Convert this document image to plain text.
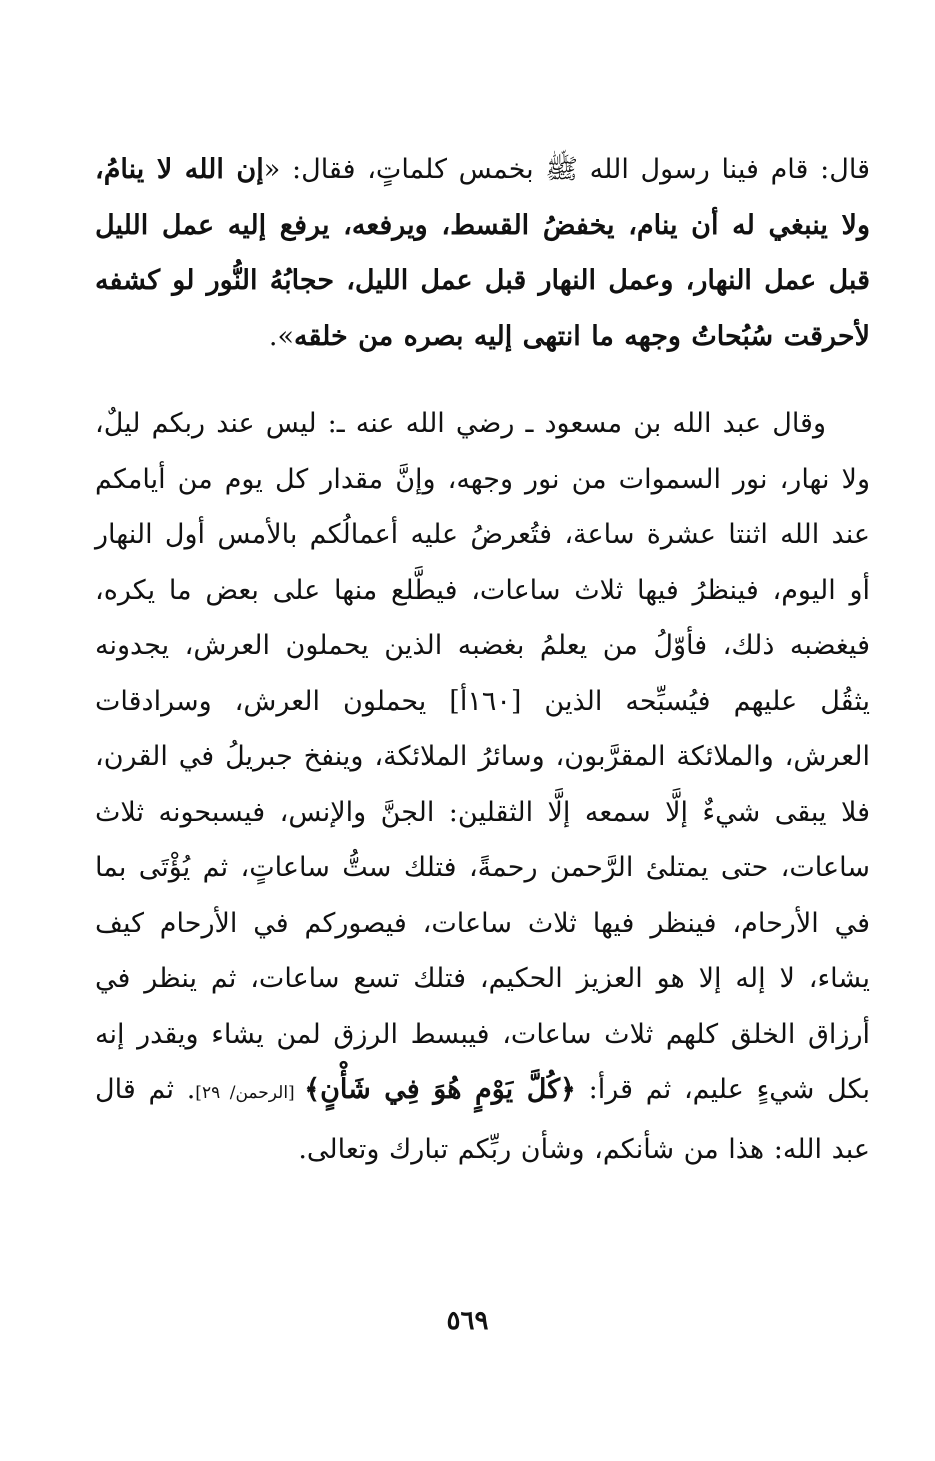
قال: قام فينا رسول الله ﷺ بخمس كلماتٍ، فقال: «إن الله لا ينامُ، ولا ينبغي له أن ينام، يخفضُ القسط، ويرفعه، يرفع إليه عمل الليل قبل عمل النهار، وعمل النهار قبل عمل الليل، حجابُهُ النُّور لو كشفه لأحرقت سُبُحاتُ وجهه ما انتهى إليه بصره من خلقه».

وقال عبد الله بن مسعود ـ رضي الله عنه ـ: ليس عند ربكم ليلٌ، ولا نهار، نور السموات من نور وجهه، وإنَّ مقدار كل يوم من أيامكم عند الله اثنتا عشرة ساعة، فتُعرضُ عليه أعمالُكم بالأمس أول النهار أو اليوم، فينظرُ فيها ثلاث ساعات، فيطَّلع منها على بعض ما يكره، فيغضبه ذلك، فأوّلُ من يعلمُ بغضبه الذين يحملون العرش، يجدونه يثقُل عليهم فيُسبِّحه الذين [١٦٠أ] يحملون العرش، وسرادقات العرش، والملائكة المقرَّبون، وسائرُ الملائكة، وينفخ جبريلُ في القرن، فلا يبقى شيءٌ إلَّا سمعه إلَّا الثقلين: الجنَّ والإنس، فيسبحونه ثلاث ساعات، حتى يمتلئ الرَّحمن رحمةً، فتلك ستُّ ساعاتٍ، ثم يُؤْتَى بما في الأرحام، فينظر فيها ثلاث ساعات، فيصوركم في الأرحام كيف يشاء، لا إله إلا هو العزيز الحكيم، فتلك تسع ساعات، ثم ينظر في أرزاق الخلق كلهم ثلاث ساعات، فيبسط الرزق لمن يشاء ويقدر إنه بكل شيءٍ عليم، ثم قرأ: ﴿كُلَّ يَوْمٍ هُوَ فِي شَأْنٍ﴾ [الرحمن/ ٢٩]. ثم قال عبد الله: هذا من شأنكم، وشأن ربِّكم تبارك وتعالى.

٥٦٩
